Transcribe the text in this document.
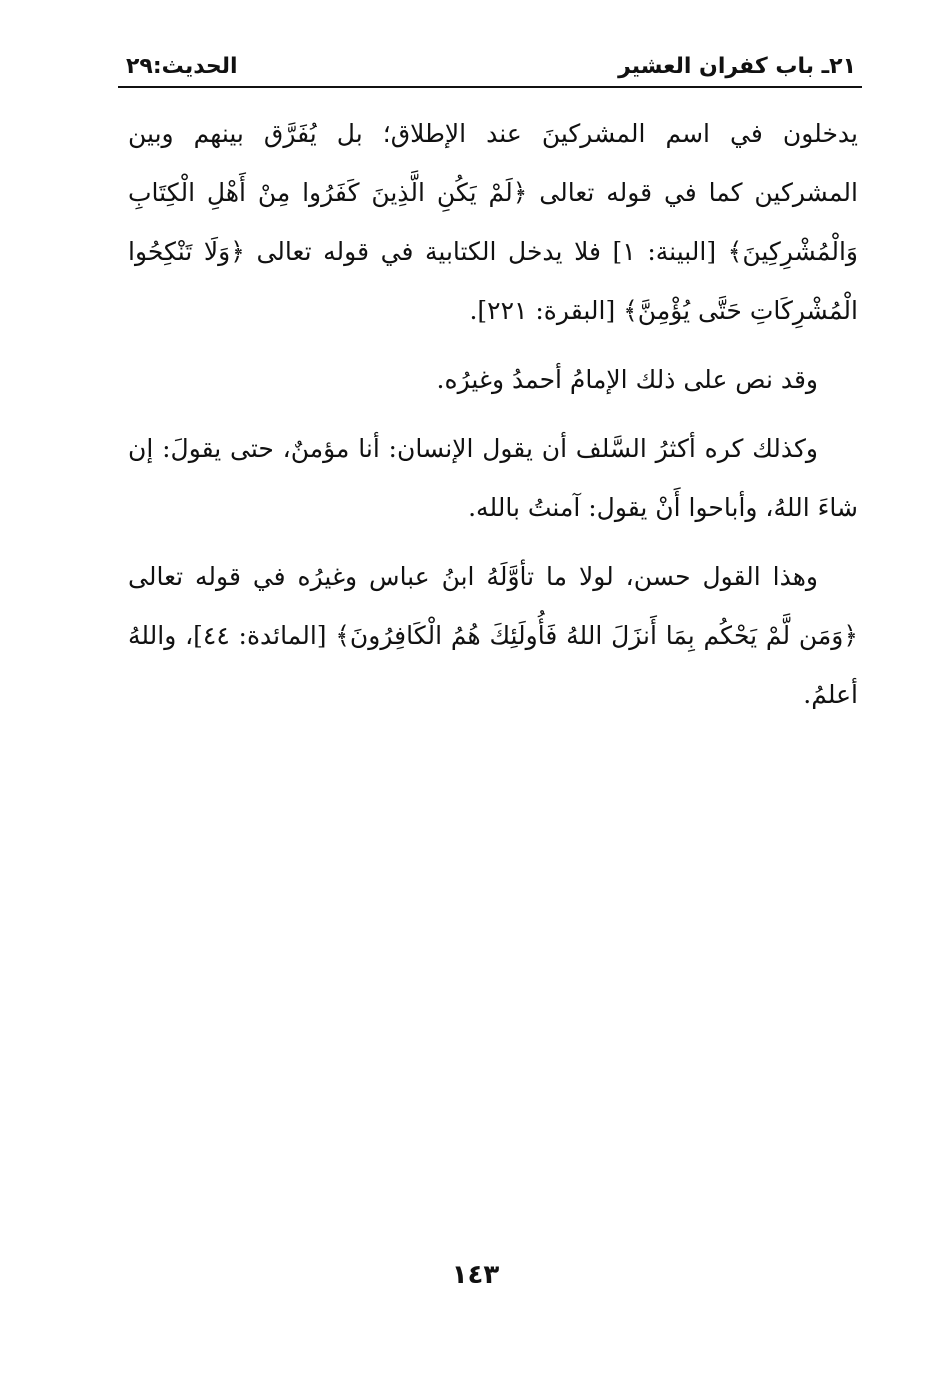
٢١ـ باب كفران العشير
الحديث:٢٩

يدخلون في اسم المشركينَ عند الإطلاق؛ بل يُفَرَّق بينهم وبين المشركين كما في قوله تعالى ﴿لَمْ يَكُنِ الَّذِينَ كَفَرُوا مِنْ أَهْلِ الْكِتَابِ وَالْمُشْرِكِينَ﴾ [البينة: ١] فلا يدخل الكتابية في قوله تعالى ﴿وَلَا تَنْكِحُوا الْمُشْرِكَاتِ حَتَّى يُؤْمِنَّ﴾ [البقرة: ٢٢١].

وقد نص على ذلك الإمامُ أحمدُ وغيرُه.

وكذلك كره أكثرُ السَّلف أن يقول الإنسان: أنا مؤمنٌ، حتى يقولَ: إن شاءَ اللهُ، وأباحوا أَنْ يقول: آمنتُ بالله.

وهذا القول حسن، لولا ما تأوَّلَهُ ابنُ عباس وغيرُه في قوله تعالى ﴿وَمَن لَّمْ يَحْكُم بِمَا أَنزَلَ اللهُ فَأُولَئِكَ هُمُ الْكَافِرُونَ﴾ [المائدة: ٤٤]، واللهُ أعلمُ.

١٤٣
